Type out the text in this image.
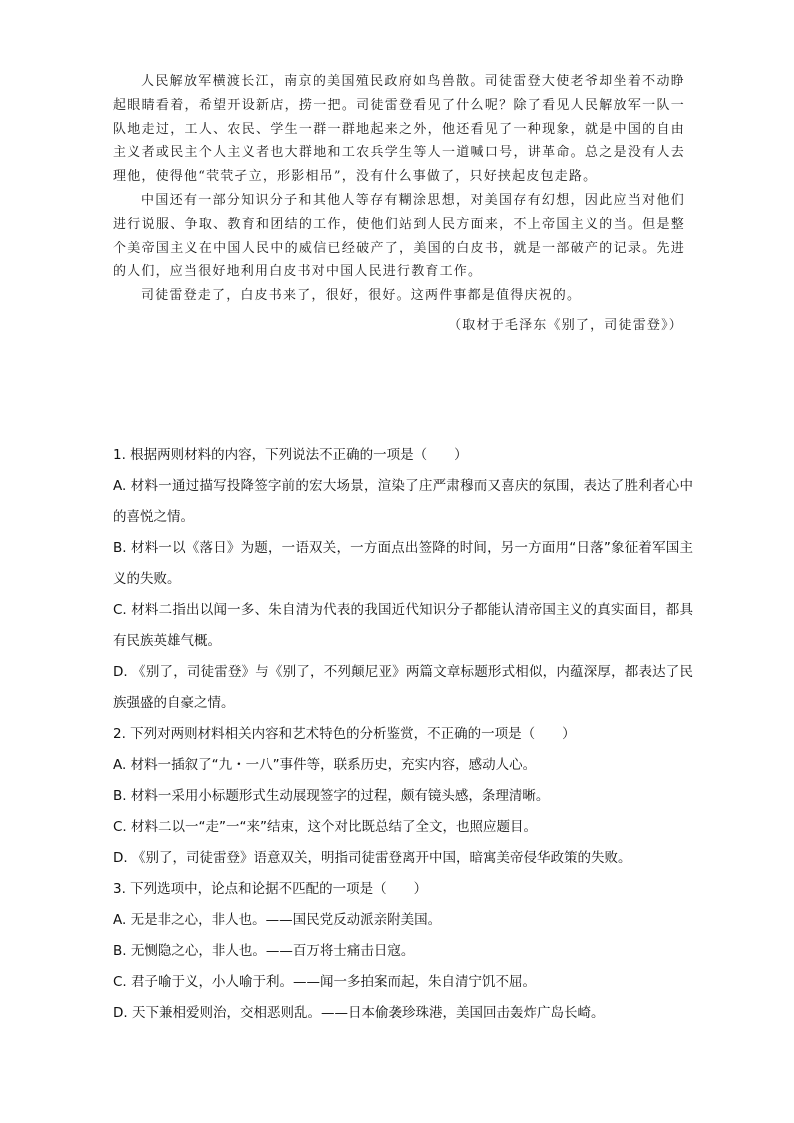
人民解放军横渡长江，南京的美国殖民政府如鸟兽散。司徒雷登大使老爷却坐着不动睁起眼睛看着，希望开设新店，捞一把。司徒雷登看见了什么呢？除了看见人民解放军一队一队地走过，工人、农民、学生一群一群地起来之外，他还看见了一种现象，就是中国的自由主义者或民主个人主义者也大群地和工农兵学生等人一道喊口号，讲革命。总之是没有人去理他，使得他“茕茕孑立，形影相吊”，没有什么事做了，只好挟起皮包走路。

中国还有一部分知识分子和其他人等存有糊涂思想，对美国存有幻想，因此应当对他们进行说服、争取、教育和团结的工作，使他们站到人民方面来，不上帝国主义的当。但是整个美帝国主义在中国人民中的威信已经破产了，美国的白皮书，就是一部破产的记录。先进的人们，应当很好地利用白皮书对中国人民进行教育工作。

司徒雷登走了，白皮书来了，很好，很好。这两件事都是值得庆祝的。

（取材于毛泽东《别了，司徒雷登》）

1. 根据两则材料的内容，下列说法不正确的一项是（　　）

A. 材料一通过描写投降签字前的宏大场景，渲染了庄严肃穆而又喜庆的氛围，表达了胜利者心中的喜悦之情。

B. 材料一以《落日》为题，一语双关，一方面点出签降的时间，另一方面用“日落”象征着军国主义的失败。

C. 材料二指出以闻一多、朱自清为代表的我国近代知识分子都能认清帝国主义的真实面目，都具有民族英雄气概。

D. 《别了，司徒雷登》与《别了，不列颠尼亚》两篇文章标题形式相似，内蕴深厚，都表达了民族强盛的自豪之情。

2. 下列对两则材料相关内容和艺术特色的分析鉴赏，不正确的一项是（　　）

A. 材料一插叙了“九・一八”事件等，联系历史，充实内容，感动人心。

B. 材料一采用小标题形式生动展现签字的过程，颇有镜头感，条理清晰。

C. 材料二以一“走”一“来”结束，这个对比既总结了全文，也照应题目。

D. 《别了，司徒雷登》语意双关，明指司徒雷登离开中国，暗寓美帝侵华政策的失败。

3. 下列选项中，论点和论据不匹配的一项是（　　）

A. 无是非之心，非人也。——国民党反动派亲附美国。

B. 无恻隐之心，非人也。——百万将士痛击日寇。

C. 君子喻于义，小人喻于利。——闻一多拍案而起，朱自清宁饥不屈。

D. 天下兼相爱则治，交相恶则乱。——日本偷袭珍珠港，美国回击轰炸广岛长崎。
